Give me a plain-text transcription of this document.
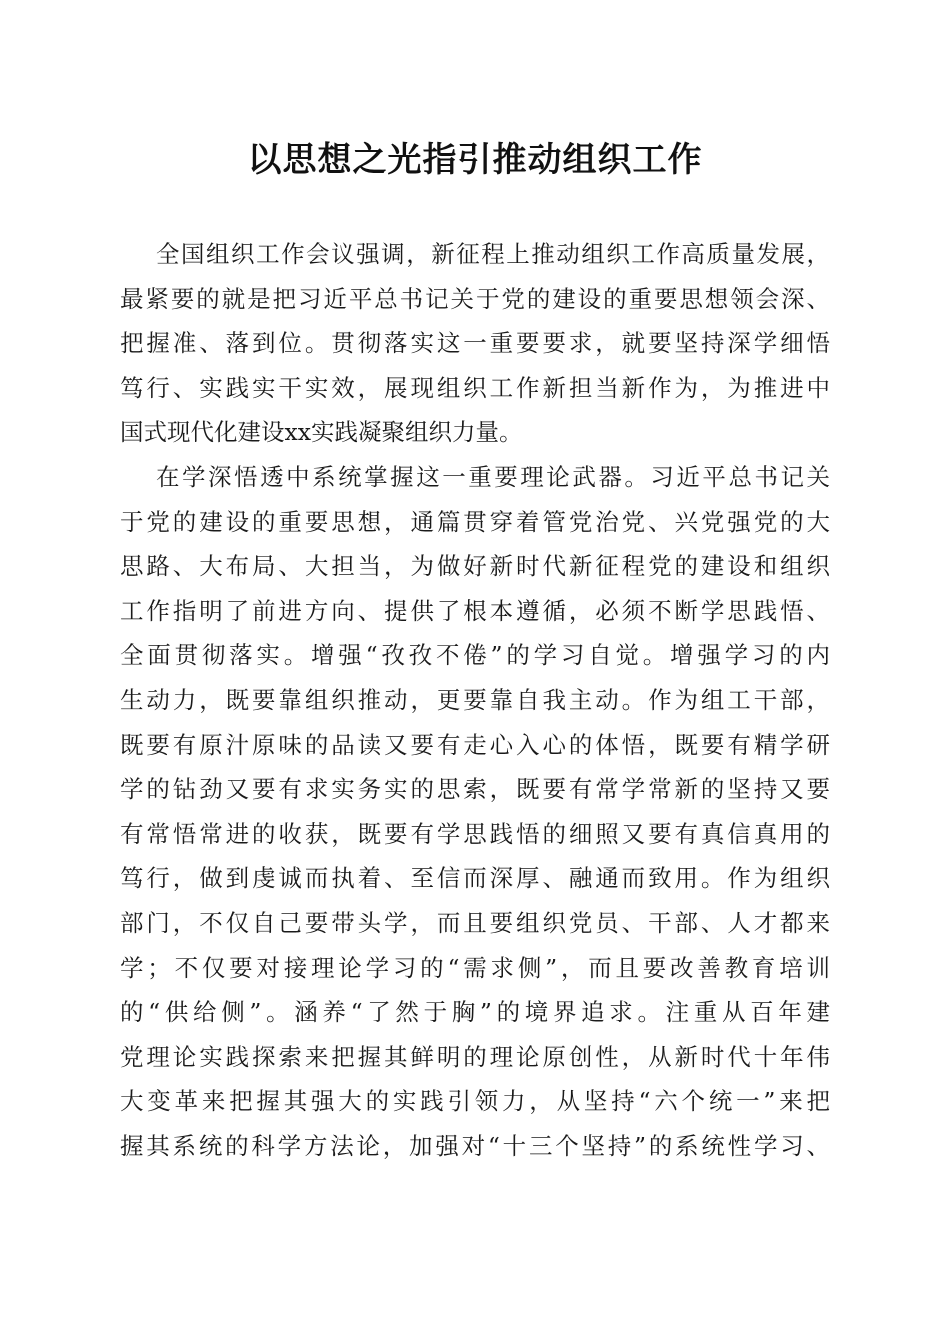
以思想之光指引推动组织工作
全国组织工作会议强调，新征程上推动组织工作高质量发展，
最紧要的就是把习近平总书记关于党的建设的重要思想领会深、
把握准、落到位。贯彻落实这一重要要求，就要坚持深学细悟
笃行、实践实干实效，展现组织工作新担当新作为，为推进中
国式现代化建设xx实践凝聚组织力量。
在学深悟透中系统掌握这一重要理论武器。习近平总书记关
于党的建设的重要思想，通篇贯穿着管党治党、兴党强党的大
思路、大布局、大担当，为做好新时代新征程党的建设和组织
工作指明了前进方向、提供了根本遵循，必须不断学思践悟、
全面贯彻落实。增强“孜孜不倦”的学习自觉。增强学习的内
生动力，既要靠组织推动，更要靠自我主动。作为组工干部，
既要有原汁原味的品读又要有走心入心的体悟，既要有精学研
学的钻劲又要有求实务实的思索，既要有常学常新的坚持又要
有常悟常进的收获，既要有学思践悟的细照又要有真信真用的
笃行，做到虔诚而执着、至信而深厚、融通而致用。作为组织
部门，不仅自己要带头学，而且要组织党员、干部、人才都来
学；不仅要对接理论学习的“需求侧”，而且要改善教育培训
的“供给侧”。涵养“了然于胸”的境界追求。注重从百年建
党理论实践探索来把握其鲜明的理论原创性，从新时代十年伟
大变革来把握其强大的实践引领力，从坚持“六个统一”来把
握其系统的科学方法论，加强对“十三个坚持”的系统性学习、
